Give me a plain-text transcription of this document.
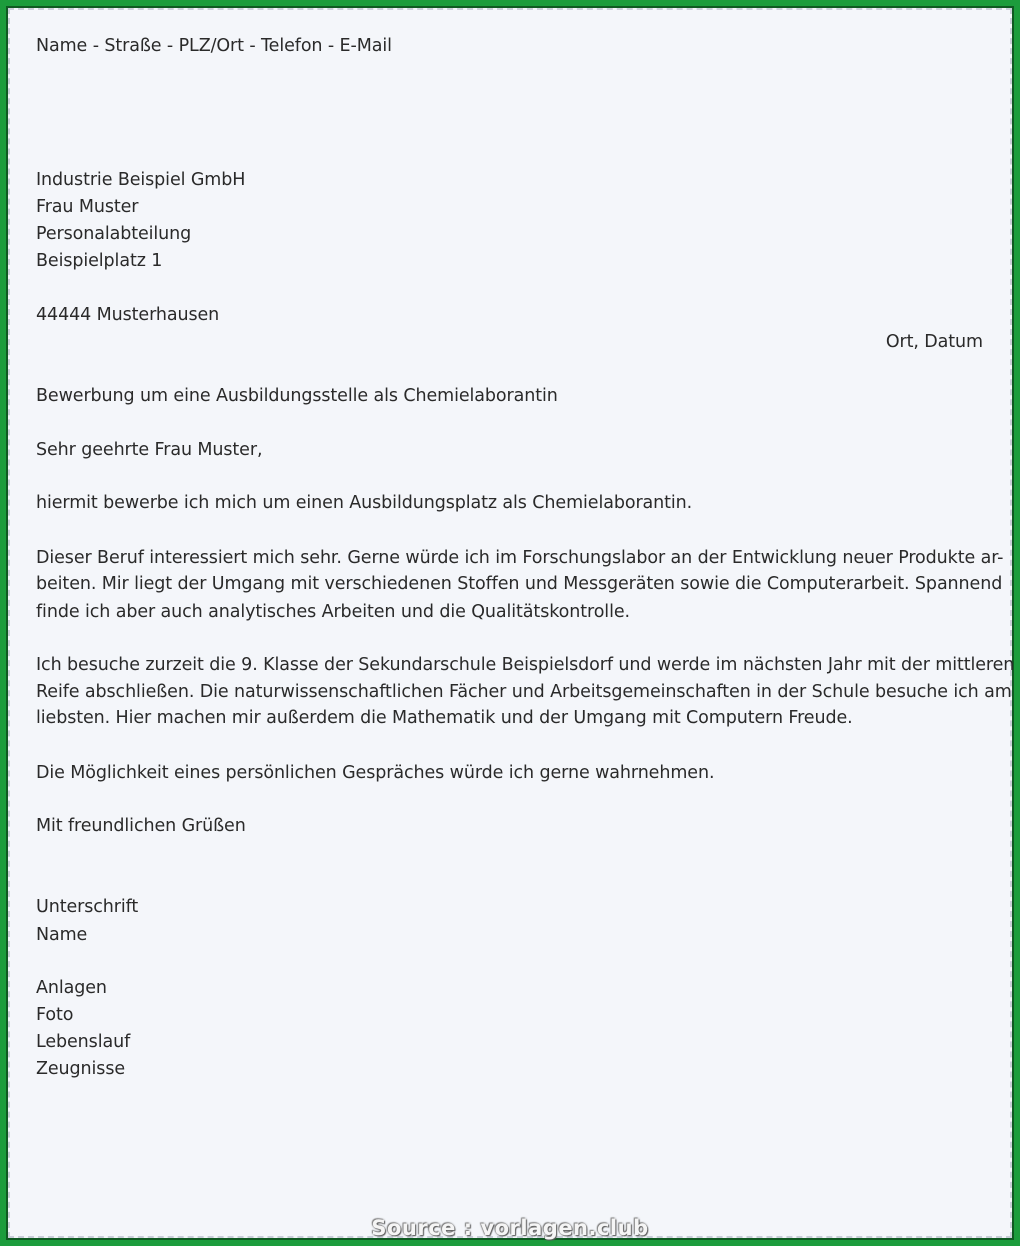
Name - Straße - PLZ/Ort - Telefon - E-Mail

Industrie Beispiel GmbH

Frau Muster

Personalabteilung

Beispielplatz 1

44444 Musterhausen

Ort, Datum

Bewerbung um eine Ausbildungsstelle als Chemielaborantin

Sehr geehrte Frau Muster,

hiermit bewerbe ich mich um einen Ausbildungsplatz als Chemielaborantin.

Dieser Beruf interessiert mich sehr. Gerne würde ich im Forschungslabor an der Entwicklung neuer Produkte ar-

beiten. Mir liegt der Umgang mit verschiedenen Stoffen und Messgeräten sowie die Computerarbeit. Spannend

finde ich aber auch analytisches Arbeiten und die Qualitätskontrolle.

Ich besuche zurzeit die 9. Klasse der Sekundarschule Beispielsdorf und werde im nächsten Jahr mit der mittleren

Reife abschließen. Die naturwissenschaftlichen Fächer und Arbeitsgemeinschaften in der Schule besuche ich am

liebsten. Hier machen mir außerdem die Mathematik und der Umgang mit Computern Freude.

Die Möglichkeit eines persönlichen Gespräches würde ich gerne wahrnehmen.

Mit freundlichen Grüßen

Unterschrift

Name

Anlagen

Foto

Lebenslauf

Zeugnisse

Source : vorlagen.club
